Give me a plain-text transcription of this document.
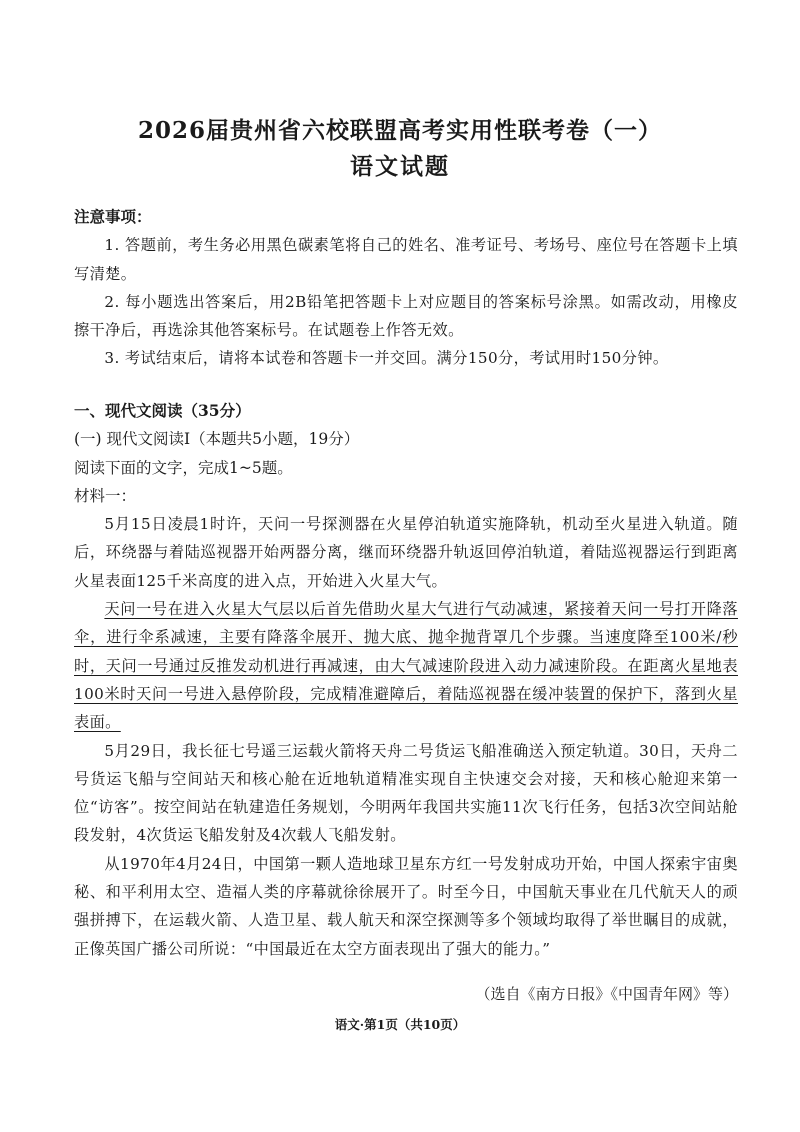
2026届贵州省六校联盟高考实用性联考卷（一）
语文试题

注意事项：

1. 答题前，考生务必用黑色碳素笔将自己的姓名、准考证号、考场号、座位号在答题卡上填写清楚。

2. 每小题选出答案后，用2B铅笔把答题卡上对应题目的答案标号涂黑。如需改动，用橡皮擦干净后，再选涂其他答案标号。在试题卷上作答无效。

3. 考试结束后，请将本试卷和答题卡一并交回。满分150分，考试用时150分钟。

一、现代文阅读（35分）

(一) 现代文阅读Ⅰ（本题共5小题，19分）

阅读下面的文字，完成1~5题。

材料一：

5月15日凌晨1时许，天问一号探测器在火星停泊轨道实施降轨，机动至火星进入轨道。随后，环绕器与着陆巡视器开始两器分离，继而环绕器升轨返回停泊轨道，着陆巡视器运行到距离火星表面125千米高度的进入点，开始进入火星大气。

天问一号在进入火星大气层以后首先借助火星大气进行气动减速，紧接着天问一号打开降落伞，进行伞系减速，主要有降落伞展开、抛大底、抛伞抛背罩几个步骤。当速度降至100米/秒时，天问一号通过反推发动机进行再减速，由大气减速阶段进入动力减速阶段。在距离火星地表100米时天问一号进入悬停阶段，完成精准避障后，着陆巡视器在缓冲装置的保护下，落到火星表面。

5月29日，我长征七号遥三运载火箭将天舟二号货运飞船准确送入预定轨道。30日，天舟二号货运飞船与空间站天和核心舱在近地轨道精准实现自主快速交会对接，天和核心舱迎来第一位“访客”。按空间站在轨建造任务规划，今明两年我国共实施11次飞行任务，包括3次空间站舱段发射，4次货运飞船发射及4次载人飞船发射。

从1970年4月24日，中国第一颗人造地球卫星东方红一号发射成功开始，中国人探索宇宙奥秘、和平利用太空、造福人类的序幕就徐徐展开了。时至今日，中国航天事业在几代航天人的顽强拼搏下，在运载火箭、人造卫星、载人航天和深空探测等多个领域均取得了举世瞩目的成就，正像英国广播公司所说：“中国最近在太空方面表现出了强大的能力。”

（选自《南方日报》《中国青年网》等）
语文·第1页（共10页）
